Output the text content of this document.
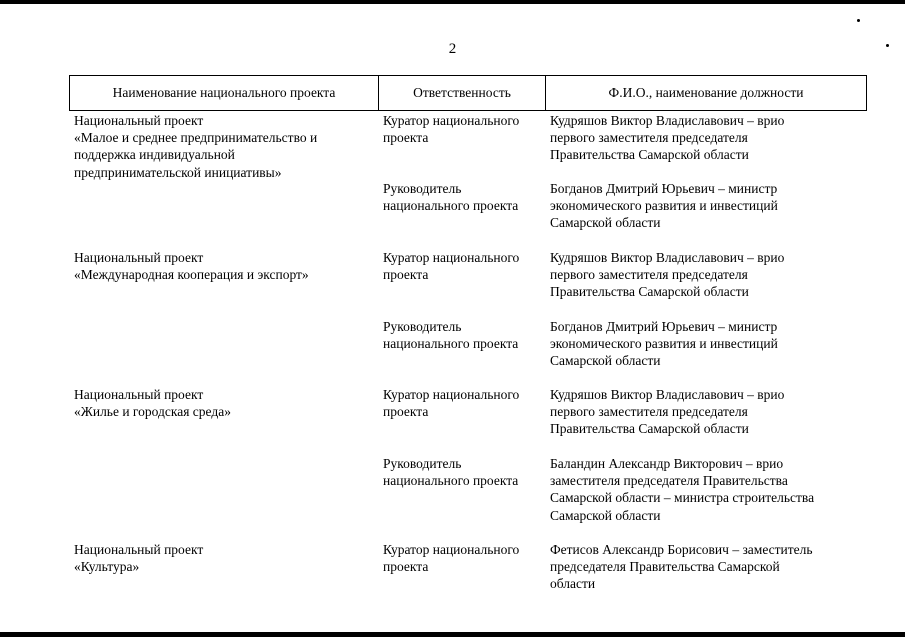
2
Наименование национального проекта	Ответственность	Ф.И.О., наименование должности
Национальный проект
«Малое и среднее предпринимательство и
поддержка индивидуальной
предпринимательской инициативы»
Куратор национального
проекта
Кудряшов Виктор Владиславович – врио
первого заместителя председателя
Правительства Самарской области
Руководитель
национального проекта
Богданов Дмитрий Юрьевич – министр
экономического развития и инвестиций
Самарской области
Национальный проект
«Международная кооперация и экспорт»
Куратор национального
проекта
Кудряшов Виктор Владиславович – врио
первого заместителя председателя
Правительства Самарской области
Руководитель
национального проекта
Богданов Дмитрий Юрьевич – министр
экономического развития и инвестиций
Самарской области
Национальный проект
«Жилье и городская среда»
Куратор национального
проекта
Кудряшов Виктор Владиславович – врио
первого заместителя председателя
Правительства Самарской области
Руководитель
национального проекта
Баландин Александр Викторович – врио
заместителя председателя Правительства
Самарской области – министра строительства
Самарской области
Национальный проект
«Культура»
Куратор национального
проекта
Фетисов Александр Борисович – заместитель
председателя Правительства Самарской
области
